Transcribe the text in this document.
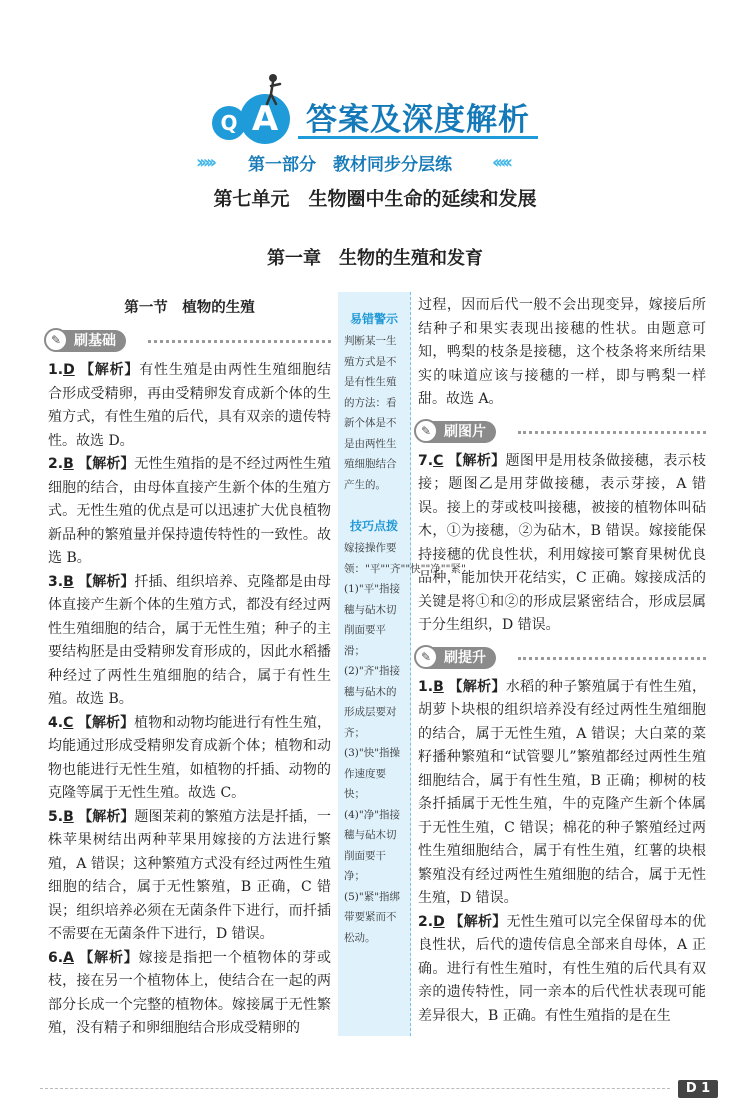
Q A 答案及深度解析
››››› 第一部分　教材同步分层练 ‹‹‹‹‹
第七单元　生物圈中生命的延续和发展
第一章　生物的生殖和发育
第一节　植物的生殖
✎ 刷基础
1.D 【解析】有性生殖是由两性生殖细胞结合形成受精卵，再由受精卵发育成新个体的生殖方式，有性生殖的后代，具有双亲的遗传特性。故选 D。
2.B 【解析】无性生殖指的是不经过两性生殖细胞的结合，由母体直接产生新个体的生殖方式。无性生殖的优点是可以迅速扩大优良植物新品种的繁殖量并保持遗传特性的一致性。故选 B。
3.B 【解析】扦插、组织培养、克隆都是由母体直接产生新个体的生殖方式，都没有经过两性生殖细胞的结合，属于无性生殖；种子的主要结构胚是由受精卵发育形成的，因此水稻播种经过了两性生殖细胞的结合，属于有性生殖。故选 B。
4.C 【解析】植物和动物均能进行有性生殖，均能通过形成受精卵发育成新个体；植物和动物也能进行无性生殖，如植物的扦插、动物的克隆等属于无性生殖。故选 C。
5.B 【解析】题图茉莉的繁殖方法是扦插，一株苹果树结出两种苹果用嫁接的方法进行繁殖，A 错误；这种繁殖方式没有经过两性生殖细胞的结合，属于无性繁殖，B 正确，C 错误；组织培养必须在无菌条件下进行，而扦插不需要在无菌条件下进行，D 错误。
6.A 【解析】嫁接是指把一个植物体的芽或枝，接在另一个植物体上，使结合在一起的两部分长成一个完整的植物体。嫁接属于无性繁殖，没有精子和卵细胞结合形成受精卵的
易错警示
判断某一生殖方式是不是有性生殖的方法：看新个体是不是由两性生殖细胞结合产生的。
技巧点拨
嫁接操作要领："平""齐""快""净""紧"(1)"平"指接穗与砧木切削面要平滑；(2)"齐"指接穗与砧木的形成层要对齐；(3)"快"指操作速度要快；(4)"净"指接穗与砧木切削面要干净；(5)"紧"指绑带要紧而不松动。
过程，因而后代一般不会出现变异，嫁接后所结种子和果实表现出接穗的性状。由题意可知，鸭梨的枝条是接穗，这个枝条将来所结果实的味道应该与接穗的一样，即与鸭梨一样甜。故选 A。
✎ 刷图片
7.C 【解析】题图甲是用枝条做接穗，表示枝接；题图乙是用芽做接穗，表示芽接，A 错误。接上的芽或枝叫接穗，被接的植物体叫砧木，①为接穗，②为砧木，B 错误。嫁接能保持接穗的优良性状，利用嫁接可繁育果树优良品种，能加快开花结实，C 正确。嫁接成活的关键是将①和②的形成层紧密结合，形成层属于分生组织，D 错误。
✎ 刷提升
1.B 【解析】水稻的种子繁殖属于有性生殖，胡萝卜块根的组织培养没有经过两性生殖细胞的结合，属于无性生殖，A 错误；大白菜的菜籽播种繁殖和“试管婴儿”繁殖都经过两性生殖细胞结合，属于有性生殖，B 正确；柳树的枝条扦插属于无性生殖，牛的克隆产生新个体属于无性生殖，C 错误；棉花的种子繁殖经过两性生殖细胞结合，属于有性生殖，红薯的块根繁殖没有经过两性生殖细胞的结合，属于无性生殖，D 错误。
2.D 【解析】无性生殖可以完全保留母本的优良性状，后代的遗传信息全部来自母体，A 正确。进行有性生殖时，有性生殖的后代具有双亲的遗传特性，同一亲本的后代性状表现可能差异很大，B 正确。有性生殖指的是在生
D 1
